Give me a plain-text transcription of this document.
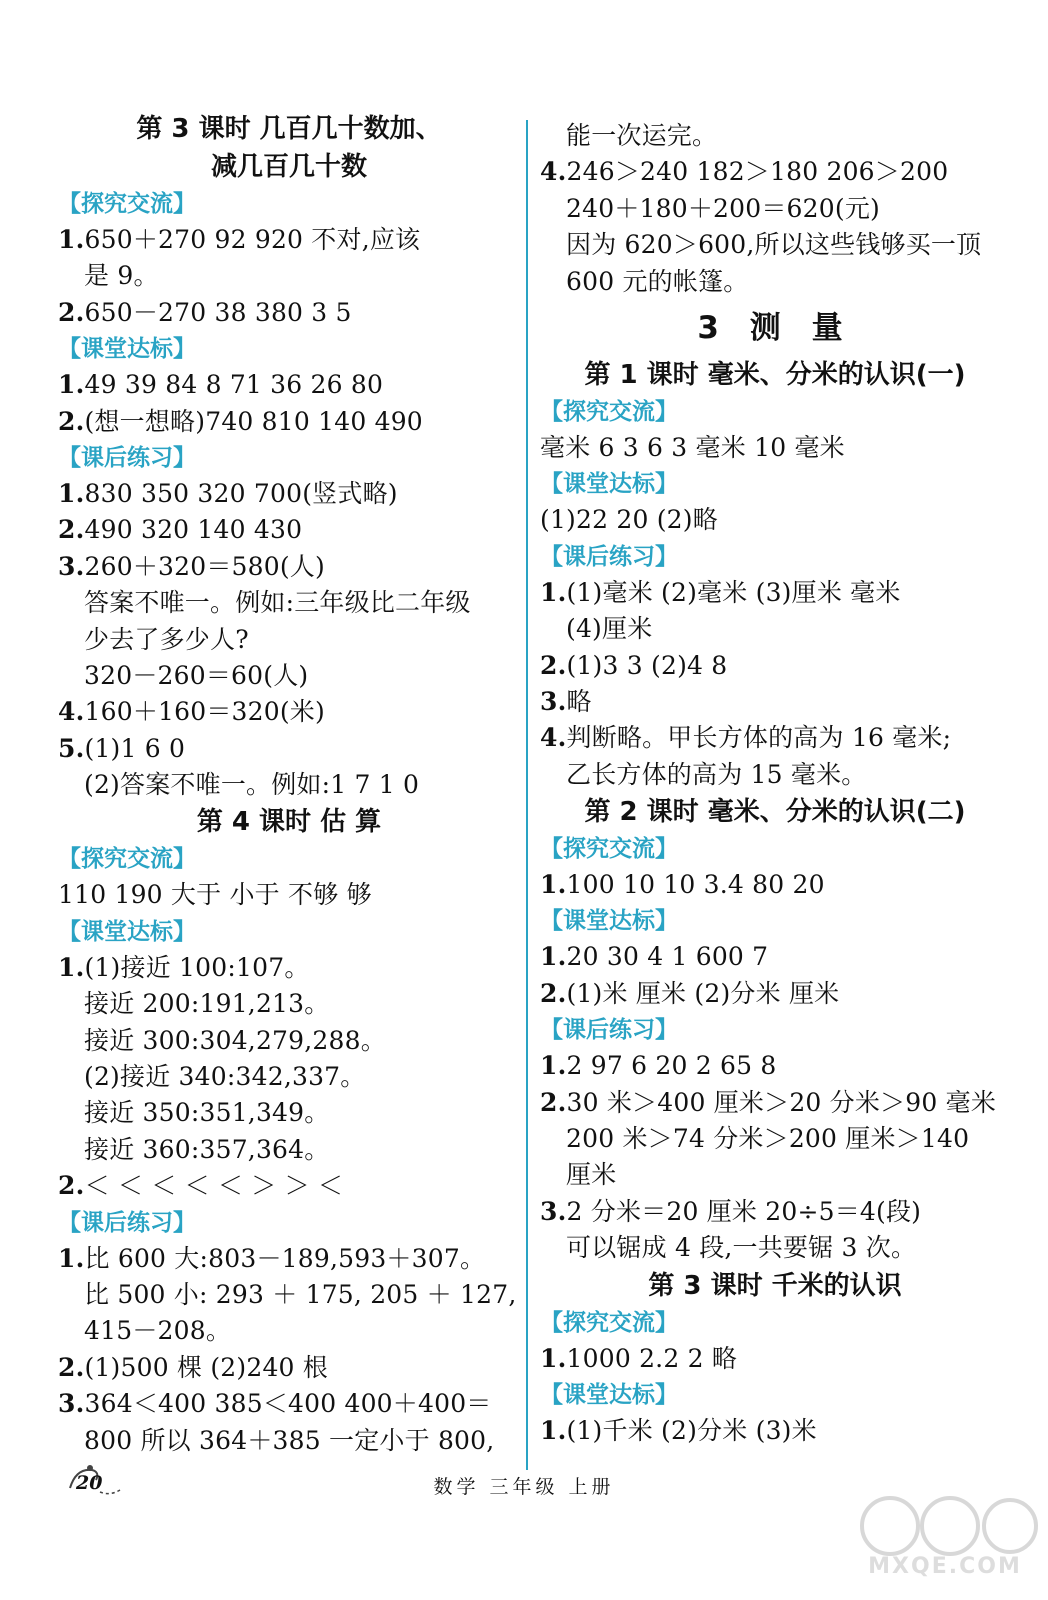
第 3 课时 几百几十数加、
减几百几十数
【探究交流】
1.650＋270 92 920 不对,应该
是 9。
2.650－270 38 380 3 5
【课堂达标】
1.49 39 84 8 71 36 26 80
2.(想一想略)740 810 140 490
【课后练习】
1.830 350 320 700(竖式略)
2.490 320 140 430
3.260＋320＝580(人)
答案不唯一。例如:三年级比二年级
少去了多少人?
320－260＝60(人)
4.160＋160＝320(米)
5.(1)1 6 0
(2)答案不唯一。例如:1 7 1 0
第 4 课时 估 算
【探究交流】
110 190 大于 小于 不够 够
【课堂达标】
1.(1)接近 100:107。
接近 200:191,213。
接近 300:304,279,288。
(2)接近 340:342,337。
接近 350:351,349。
接近 360:357,364。
2.＜ ＜ ＜ ＜ ＜ ＞ ＞ ＜
【课后练习】
1.比 600 大:803－189,593＋307。
比 500 小: 293 ＋ 175, 205 ＋ 127,
415－208。
2.(1)500 棵 (2)240 根
3.364＜400 385＜400 400＋400＝
800 所以 364＋385 一定小于 800,
能一次运完。
4.246＞240 182＞180 206＞200
240＋180＋200＝620(元)
因为 620＞600,所以这些钱够买一顶
600 元的帐篷。
3 测 量
第 1 课时 毫米、分米的认识(一)
【探究交流】
毫米 6 3 6 3 毫米 10 毫米
【课堂达标】
(1)22 20 (2)略
【课后练习】
1.(1)毫米 (2)毫米 (3)厘米 毫米
(4)厘米
2.(1)3 3 (2)4 8
3.略
4.判断略。甲长方体的高为 16 毫米;
乙长方体的高为 15 毫米。
第 2 课时 毫米、分米的认识(二)
【探究交流】
1.100 10 10 3.4 80 20
【课堂达标】
1.20 30 4 1 600 7
2.(1)米 厘米 (2)分米 厘米
【课后练习】
1.2 97 6 20 2 65 8
2.30 米＞400 厘米＞20 分米＞90 毫米
200 米＞74 分米＞200 厘米＞140
厘米
3.2 分米＝20 厘米 20÷5＝4(段)
可以锯成 4 段,一共要锯 3 次。
第 3 课时 千米的认识
【探究交流】
1.1000 2.2 2 略
【课堂达标】
1.(1)千米 (2)分米 (3)米
20	数学 三年级 上册
MXQE.COM
